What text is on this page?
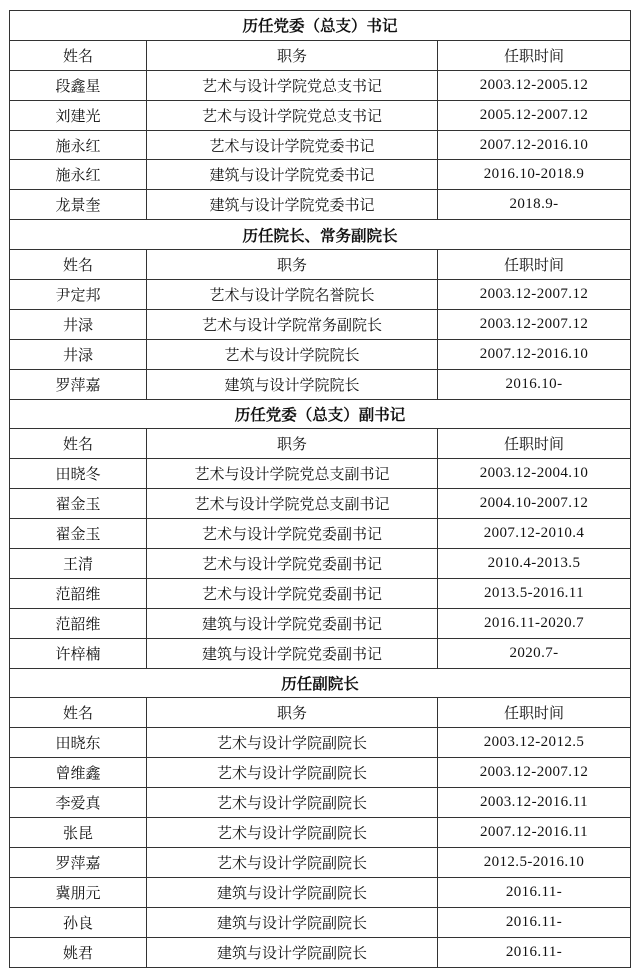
历任党委（总支）书记		
姓名	职务	任职时间
段鑫星	艺术与设计学院党总支书记	2003.12-2005.12
刘建光	艺术与设计学院党总支书记	2005.12-2007.12
施永红	艺术与设计学院党委书记	2007.12-2016.10
施永红	建筑与设计学院党委书记	2016.10-2018.9
龙景奎	建筑与设计学院党委书记	2018.9-
历任院长、常务副院长		
姓名	职务	任职时间
尹定邦	艺术与设计学院名誉院长	2003.12-2007.12
井渌	艺术与设计学院常务副院长	2003.12-2007.12
井渌	艺术与设计学院院长	2007.12-2016.10
罗萍嘉	建筑与设计学院院长	2016.10-
历任党委（总支）副书记		
姓名	职务	任职时间
田晓冬	艺术与设计学院党总支副书记	2003.12-2004.10
翟金玉	艺术与设计学院党总支副书记	2004.10-2007.12
翟金玉	艺术与设计学院党委副书记	2007.12-2010.4
王清	艺术与设计学院党委副书记	2010.4-2013.5
范韶维	艺术与设计学院党委副书记	2013.5-2016.11
范韶维	建筑与设计学院党委副书记	2016.11-2020.7
许梓楠	建筑与设计学院党委副书记	2020.7-
历任副院长		
姓名	职务	任职时间
田晓东	艺术与设计学院副院长	2003.12-2012.5
曾维鑫	艺术与设计学院副院长	2003.12-2007.12
李爱真	艺术与设计学院副院长	2003.12-2016.11
张昆	艺术与设计学院副院长	2007.12-2016.11
罗萍嘉	艺术与设计学院副院长	2012.5-2016.10
冀朋元	建筑与设计学院副院长	2016.11-
孙良	建筑与设计学院副院长	2016.11-
姚君	建筑与设计学院副院长	2016.11-
